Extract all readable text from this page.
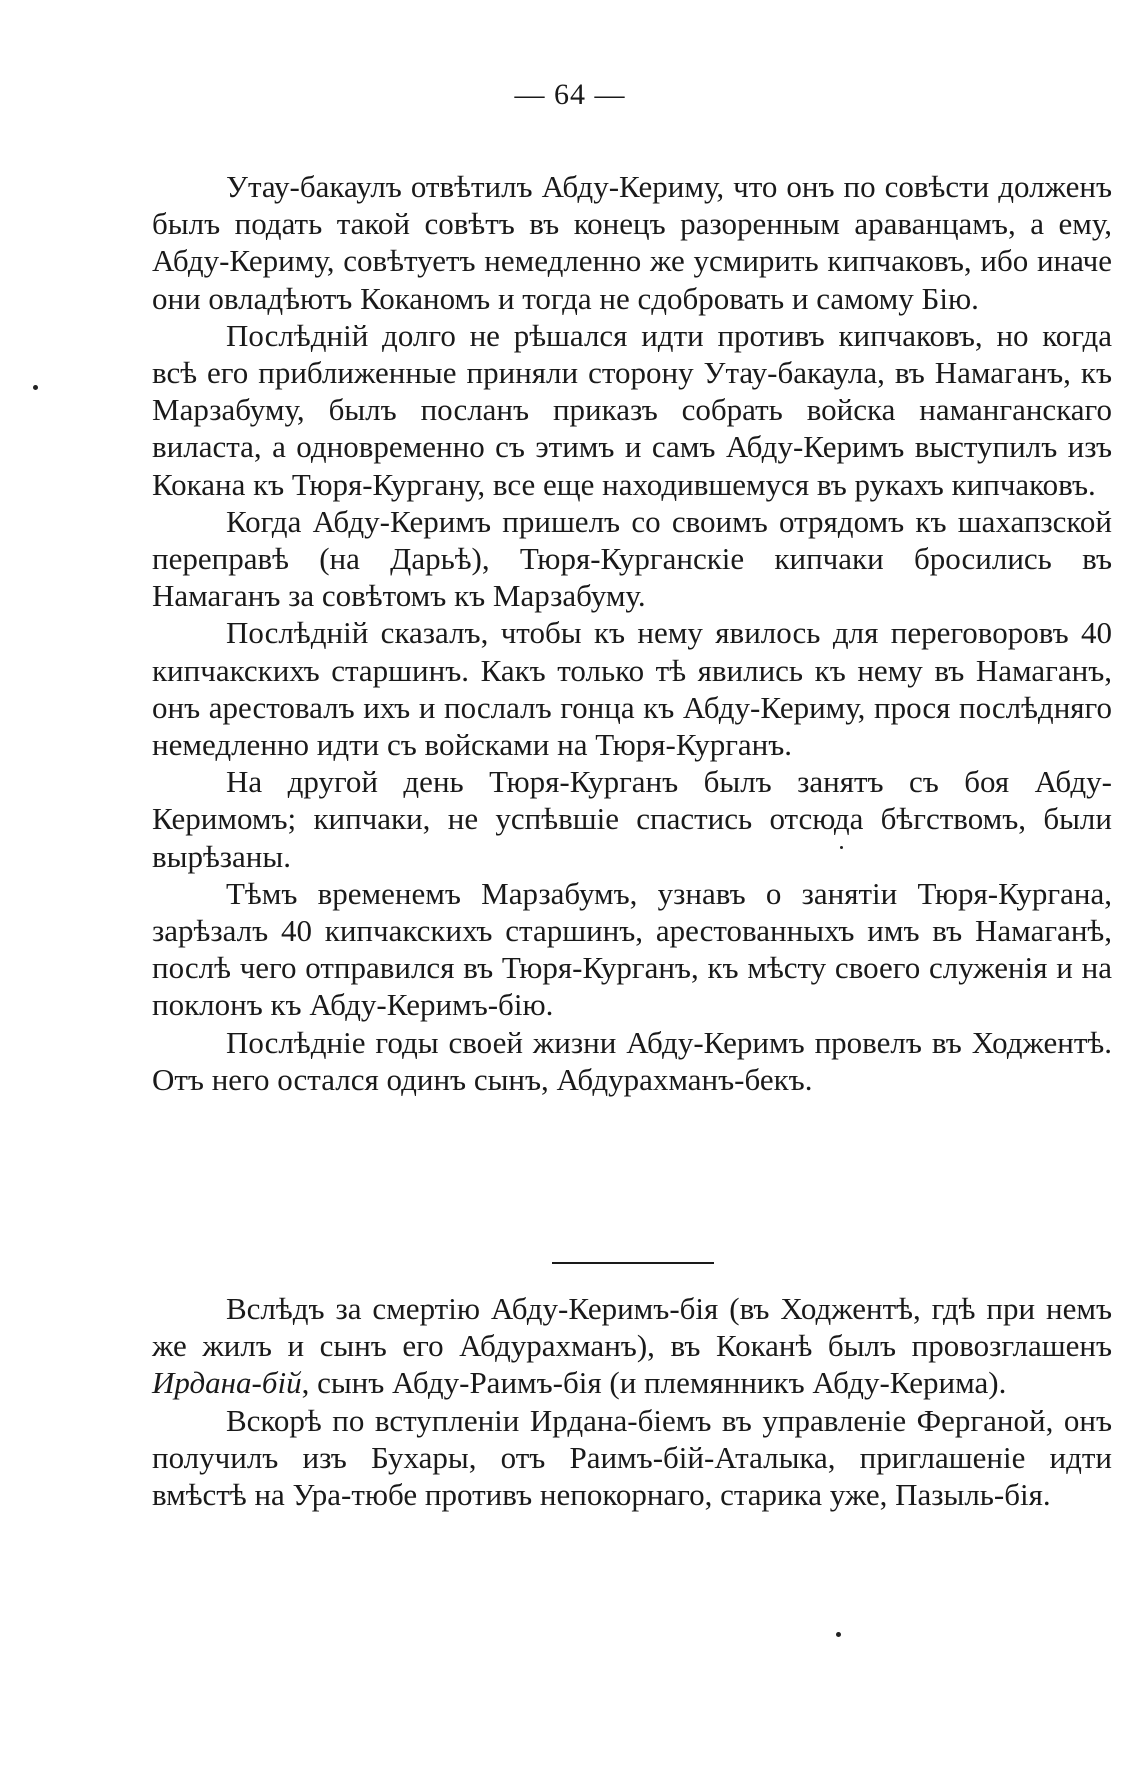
— 64 —

Утау-бакаулъ отвѣтилъ Абду-Кериму, что онъ по совѣсти долженъ былъ подать такой совѣтъ въ конецъ разоренным араванцамъ, а ему, Абду-Кериму, совѣтуетъ немедленно же усмирить кипчаковъ, ибо иначе они овладѣютъ Коканомъ и тогда не сдобровать и самому Бію.

Послѣдній долго не рѣшался идти противъ кипчаковъ, но когда всѣ его приближенные приняли сторону Утау-бакаула, въ Намаганъ, къ Марзабуму, былъ посланъ приказъ собрать войска наманганскаго виласта, а одновременно съ этимъ и самъ Абду-Керимъ выступилъ изъ Кокана къ Тюря-Кургану, все еще находившемуся въ рукахъ кипчаковъ.

Когда Абду-Керимъ пришелъ со своимъ отрядомъ къ шахапзской переправѣ (на Дарьѣ), Тюря-Курганскіе кипчаки бросились въ Намаганъ за совѣтомъ къ Марзабуму.

Послѣдній сказалъ, чтобы къ нему явилось для переговоровъ 40 кипчакскихъ старшинъ. Какъ только тѣ явились къ нему въ Намаганъ, онъ арестовалъ ихъ и послалъ гонца къ Абду-Кериму, прося послѣдняго немедленно идти съ войсками на Тюря-Курганъ.

На другой день Тюря-Курганъ былъ занятъ съ боя Абду-Керимомъ; кипчаки, не успѣвшіе спастись отсюда бѣгствомъ, были вырѣзаны.

Тѣмъ временемъ Марзабумъ, узнавъ о занятіи Тюря-Кургана, зарѣзалъ 40 кипчакскихъ старшинъ, арестованныхъ имъ въ Намаганѣ, послѣ чего отправился въ Тюря-Курганъ, къ мѣсту своего служенія и на поклонъ къ Абду-Керимъ-бію.

Послѣдніе годы своей жизни Абду-Керимъ провелъ въ Ходжентѣ. Отъ него остался одинъ сынъ, Абдурахманъ-бекъ.

Вслѣдъ за смертію Абду-Керимъ-бія (въ Ходжентѣ, гдѣ при немъ же жилъ и сынъ его Абдурахманъ), въ Коканѣ былъ провозглашенъ Ирдана-бій, сынъ Абду-Раимъ-бія (и племянникъ Абду-Керима).

Вскорѣ по вступленіи Ирдана-біемъ въ управленіе Ферганой, онъ получилъ изъ Бухары, отъ Раимъ-бій-Аталыка, приглашеніе идти вмѣстѣ на Ура-тюбе противъ непокорнаго, старика уже, Пазыль-бія.
